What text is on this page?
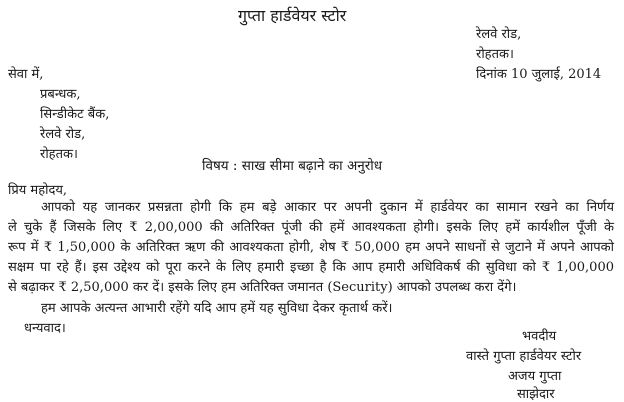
गुप्ता हार्डवेयर स्टोर
रेलवे रोड,
रोहतक।
दिनांक 10 जुलाई, 2014
सेवा में,
प्रबन्धक,
सिन्डीकेट बैंक,
रेलवे रोड,
रोहतक।
विषय : साख सीमा बढ़ाने का अनुरोध
प्रिय महोदय,
आपको यह जानकर प्रसन्नता होगी कि हम बड़े आकार पर अपनी दुकान में हार्डवेयर का सामान रखने का निर्णय
ले चुके हैं जिसके लिए ₹ 2,00,000 की अतिरिक्त पूंजी की हमें आवश्यकता होगी। इसके लिए हमें कार्यशील पूँजी के
रूप में ₹ 1,50,000 के अतिरिक्त ऋण की आवश्यकता होगी, शेष ₹ 50,000 हम अपने साधनों से जुटाने में अपने आपको
सक्षम पा रहे हैं। इस उद्देश्य को पूरा करने के लिए हमारी इच्छा है कि आप हमारी अधिविकर्ष की सुविधा को ₹ 1,00,000
से बढ़ाकर ₹ 2,50,000 कर दें। इसके लिए हम अतिरिक्त जमानत (Security) आपको उपलब्ध करा देंगे।
हम आपके अत्यन्त आभारी रहेंगे यदि आप हमें यह सुविधा देकर कृतार्थ करें।
धन्यवाद।
भवदीय
वास्ते गुप्ता हार्डवेयर स्टोर
अजय गुप्ता
साझेदार
